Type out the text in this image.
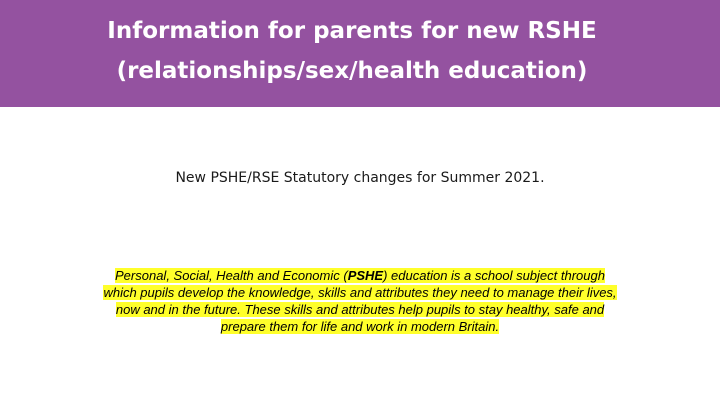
Information for parents for new RSHE
(relationships/sex/health education)
New PSHE/RSE Statutory changes for Summer 2021.
Personal, Social, Health and Economic (PSHE) education is a school subject through
which pupils develop the knowledge, skills and attributes they need to manage their lives,
now and in the future. These skills and attributes help pupils to stay healthy, safe and
prepare them for life and work in modern Britain.
